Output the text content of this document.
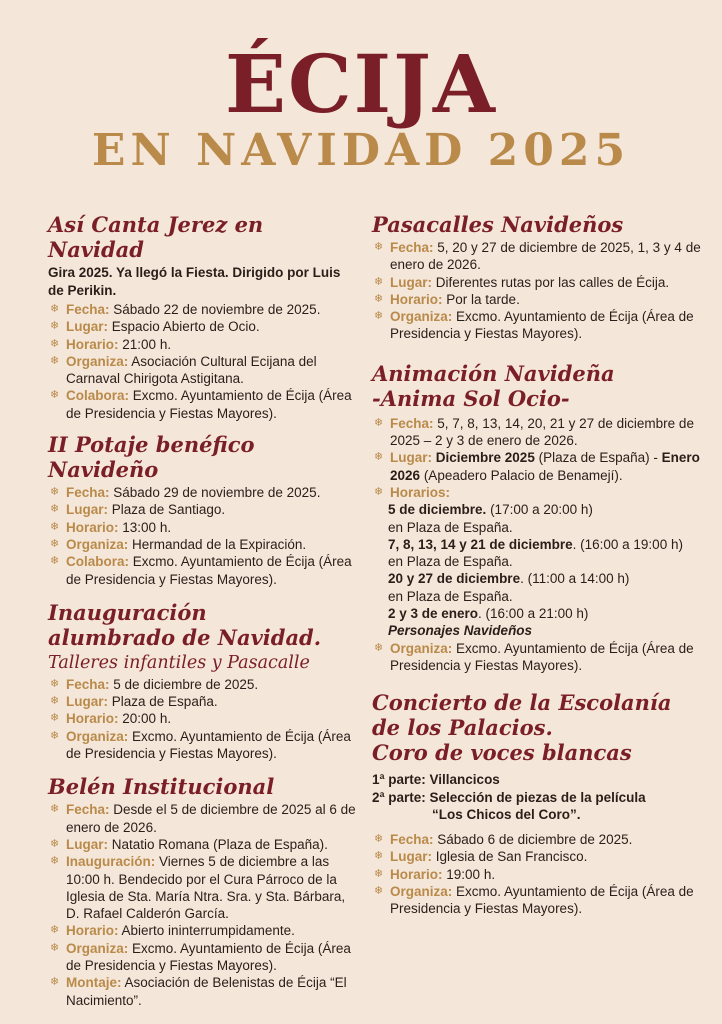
ÉCIJA
EN NAVIDAD 2025
Así Canta Jerez en Navidad

Gira 2025. Ya llegó la Fiesta. Dirigido por Luis de Perikin.

❄ Fecha: Sábado 22 de noviembre de 2025.
❄ Lugar: Espacio Abierto de Ocio.
❄ Horario: 21:00 h.
❄ Organiza: Asociación Cultural Ecijana del Carnaval Chirigota Astigitana.
❄ Colabora: Excmo. Ayuntamiento de Écija (Área de Presidencia y Fiestas Mayores).
II Potaje benéfico Navideño
❄ Fecha: Sábado 29 de noviembre de 2025.
❄ Lugar: Plaza de Santiago.
❄ Horario: 13:00 h.
❄ Organiza: Hermandad de la Expiración.
❄ Colabora: Excmo. Ayuntamiento de Écija (Área de Presidencia y Fiestas Mayores).
Inauguración
alumbrado de Navidad.
Talleres infantiles y Pasacalle
❄ Fecha: 5 de diciembre de 2025.
❄ Lugar: Plaza de España.
❄ Horario: 20:00 h.
❄ Organiza: Excmo. Ayuntamiento de Écija (Área de Presidencia y Fiestas Mayores).
Belén Institucional
❄ Fecha: Desde el 5 de diciembre de 2025 al 6 de enero de 2026.
❄ Lugar: Natatio Romana (Plaza de España).
❄ Inauguración: Viernes 5 de diciembre a las 10:00 h. Bendecido por el Cura Párroco de la Iglesia de Sta. María Ntra. Sra. y Sta. Bárbara, D. Rafael Calderón García.
❄ Horario: Abierto ininterrumpidamente.
❄ Organiza: Excmo. Ayuntamiento de Écija (Área de Presidencia y Fiestas Mayores).
❄ Montaje: Asociación de Belenistas de Écija “El Nacimiento”.
Pasacalles Navideños
❄ Fecha: 5, 20 y 27 de diciembre de 2025, 1, 3 y 4 de enero de 2026.
❄ Lugar: Diferentes rutas por las calles de Écija.
❄ Horario: Por la tarde.
❄ Organiza: Excmo. Ayuntamiento de Écija (Área de Presidencia y Fiestas Mayores).
Animación Navideña
-Anima Sol Ocio-
❄ Fecha: 5, 7, 8, 13, 14, 20, 21 y 27 de diciembre de 2025 – 2 y 3 de enero de 2026.
❄ Lugar: Diciembre 2025 (Plaza de España) - Enero 2026 (Apeadero Palacio de Benamejí).
❄ Horarios:
5 de diciembre. (17:00 a 20:00 h)
en Plaza de España.
7, 8, 13, 14 y 21 de diciembre. (16:00 a 19:00 h)
en Plaza de España.
20 y 27 de diciembre. (11:00 a 14:00 h)
en Plaza de España.
2 y 3 de enero. (16:00 a 21:00 h)
Personajes Navideños
❄ Organiza: Excmo. Ayuntamiento de Écija (Área de Presidencia y Fiestas Mayores).
Concierto de la Escolanía
de los Palacios.
Coro de voces blancas
1ª parte:
Villancicos
2ª parte:
Selección de piezas de la película
“Los Chicos del Coro”.
❄ Fecha: Sábado 6 de diciembre de 2025.
❄ Lugar: Iglesia de San Francisco.
❄ Horario: 19:00 h.
❄ Organiza: Excmo. Ayuntamiento de Écija (Área de Presidencia y Fiestas Mayores).
